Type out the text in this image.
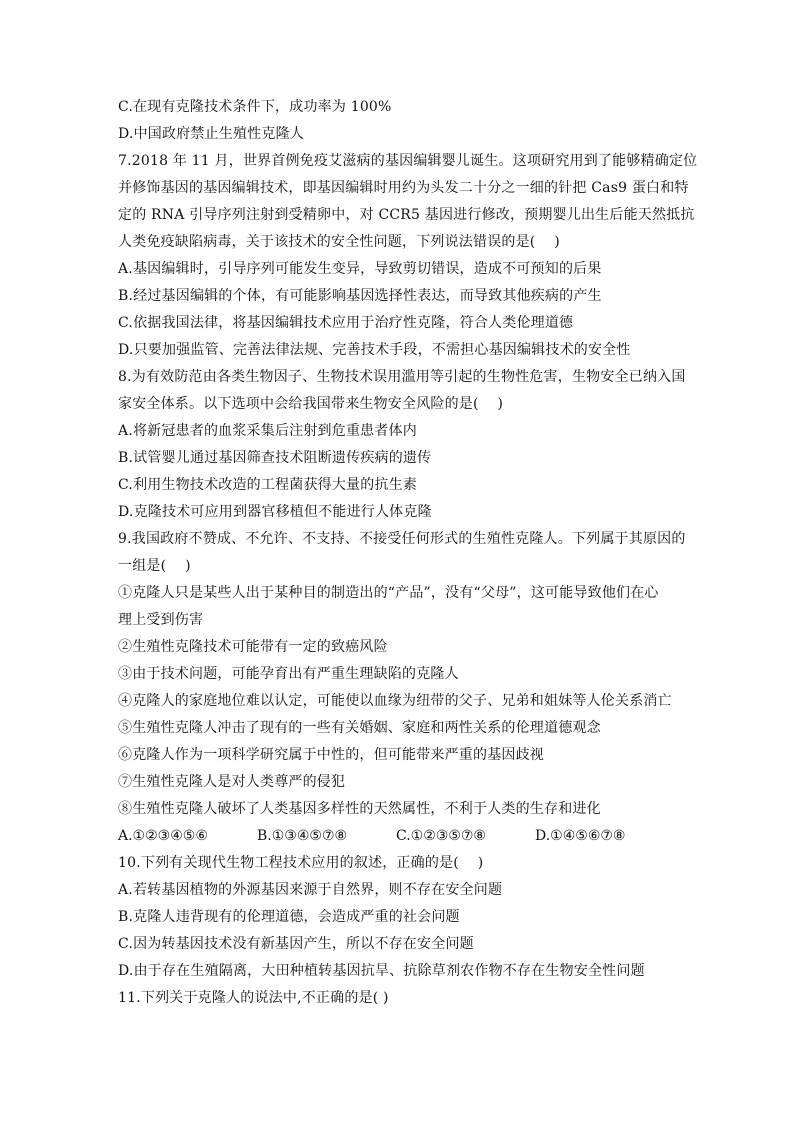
C.在现有克隆技术条件下，成功率为 100%
D.中国政府禁止生殖性克隆人
7.2018 年 11 月，世界首例免疫艾滋病的基因编辑婴儿诞生。这项研究用到了能够精确定位
并修饰基因的基因编辑技术，即基因编辑时用约为头发二十分之一细的针把 Cas9 蛋白和特
定的 RNA 引导序列注射到受精卵中，对 CCR5 基因进行修改，预期婴儿出生后能天然抵抗
人类免疫缺陷病毒，关于该技术的安全性问题，下列说法错误的是(　 )
A.基因编辑时，引导序列可能发生变异，导致剪切错误，造成不可预知的后果
B.经过基因编辑的个体，有可能影响基因选择性表达，而导致其他疾病的产生
C.依据我国法律，将基因编辑技术应用于治疗性克隆，符合人类伦理道德
D.只要加强监管、完善法律法规、完善技术手段，不需担心基因编辑技术的安全性
8.为有效防范由各类生物因子、生物技术误用滥用等引起的生物性危害，生物安全已纳入国
家安全体系。以下选项中会给我国带来生物安全风险的是(　 )
A.将新冠患者的血浆采集后注射到危重患者体内
B.试管婴儿通过基因筛查技术阻断遗传疾病的遗传
C.利用生物技术改造的工程菌获得大量的抗生素
D.克隆技术可应用到器官移植但不能进行人体克隆
9.我国政府不赞成、不允许、不支持、不接受任何形式的生殖性克隆人。下列属于其原因的
一组是(　 )
①克隆人只是某些人出于某种目的制造出的“产品”，没有“父母”，这可能导致他们在心
理上受到伤害
②生殖性克隆技术可能带有一定的致癌风险
③由于技术问题，可能孕育出有严重生理缺陷的克隆人
④克隆人的家庭地位难以认定，可能使以血缘为纽带的父子、兄弟和姐妹等人伦关系消亡
⑤生殖性克隆人冲击了现有的一些有关婚姻、家庭和两性关系的伦理道德观念
⑥克隆人作为一项科学研究属于中性的，但可能带来严重的基因歧视
⑦生殖性克隆人是对人类尊严的侵犯
⑧生殖性克隆人破坏了人类基因多样性的天然属性，不利于人类的生存和进化
A.①②③④⑤⑥	B.①③④⑤⑦⑧	C.①②③⑤⑦⑧	D.①④⑤⑥⑦⑧
10.下列有关现代生物工程技术应用的叙述，正确的是(　 )
A.若转基因植物的外源基因来源于自然界，则不存在安全问题
B.克隆人违背现有的伦理道德，会造成严重的社会问题
C.因为转基因技术没有新基因产生，所以不存在安全问题
D.由于存在生殖隔离，大田种植转基因抗旱、抗除草剂农作物不存在生物安全性问题
11.下列关于克隆人的说法中,不正确的是( )
